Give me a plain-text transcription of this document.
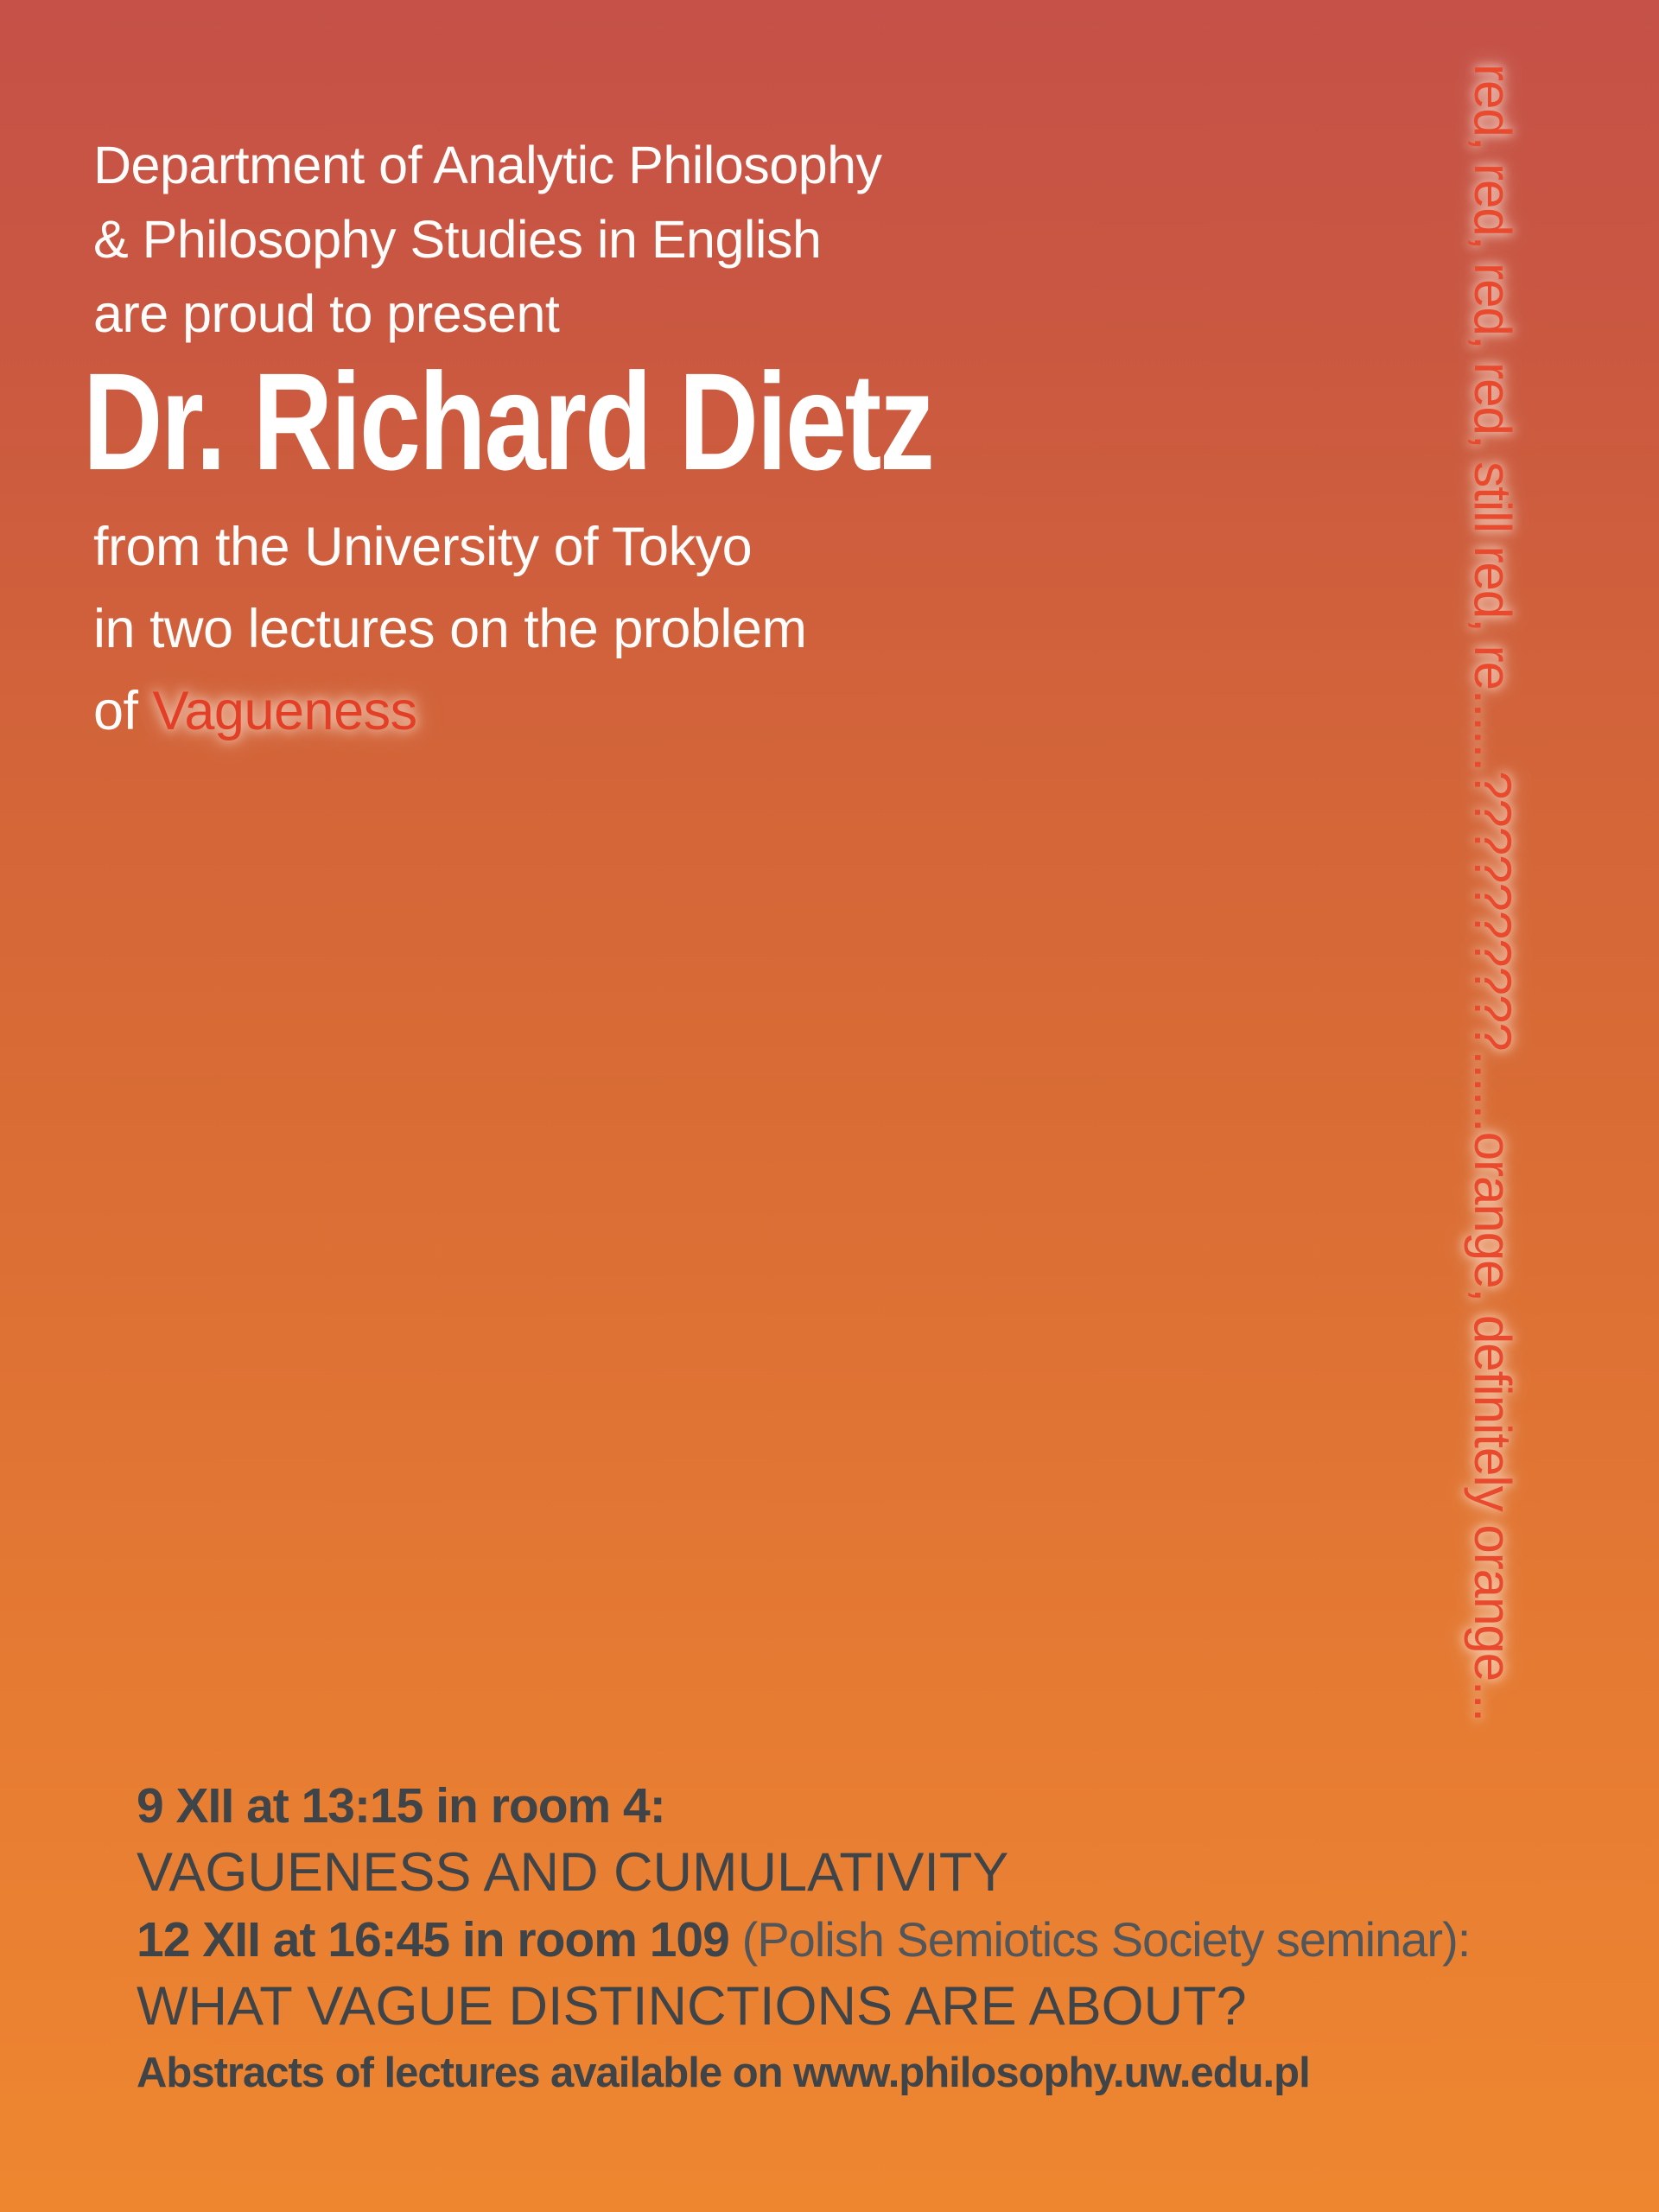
Department of Analytic Philosophy
& Philosophy Studies in English
are proud to present
Dr. Richard Dietz
from the University of Tokyo
in two lectures on the problem
of Vagueness	red, red, red, red, still red, re......??????????......orange, definitely orange...
9 XII at 13:15 in room 4:
VAGUENESS AND CUMULATIVITY
12 XII at 16:45 in room 109 (Polish Semiotics Society seminar):
WHAT VAGUE DISTINCTIONS ARE ABOUT?
Abstracts of lectures available on www.philosophy.uw.edu.pl
